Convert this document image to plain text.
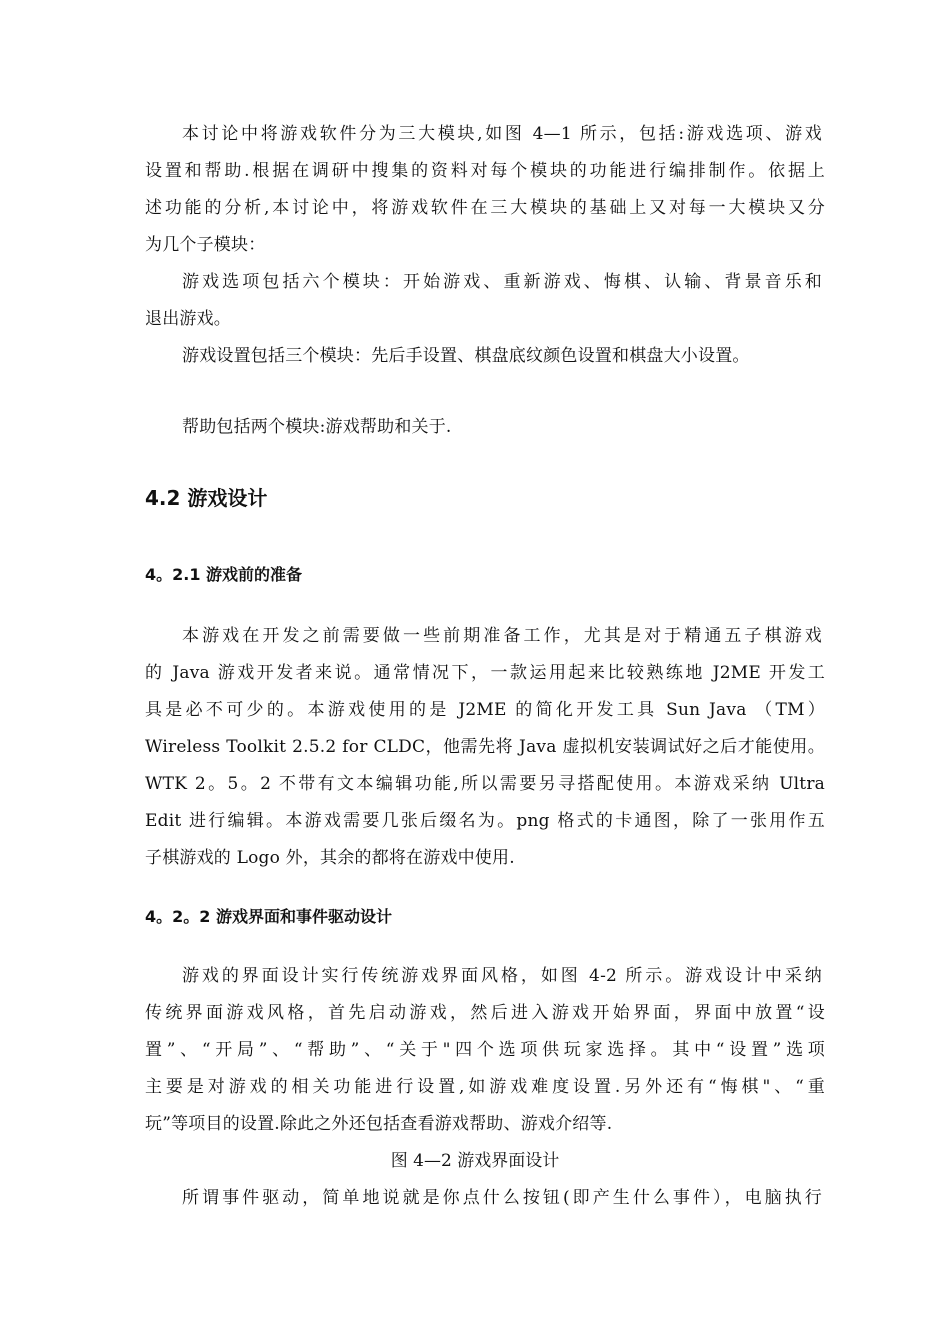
本讨论中将游戏软件分为三大模块,如图 4—1 所示，包括:游戏选项、游戏
设置和帮助.根据在调研中搜集的资料对每个模块的功能进行编排制作。依据上
述功能的分析,本讨论中，将游戏软件在三大模块的基础上又对每一大模块又分
为几个子模块：
游戏选项包括六个模块：开始游戏、重新游戏、悔棋、认输、背景音乐和
退出游戏。
游戏设置包括三个模块：先后手设置、棋盘底纹颜色设置和棋盘大小设置。
帮助包括两个模块:游戏帮助和关于.
4.2 游戏设计
4。2.1 游戏前的准备
本游戏在开发之前需要做一些前期准备工作，尤其是对于精通五子棋游戏
的 Java 游戏开发者来说。通常情况下，一款运用起来比较熟练地 J2ME 开发工
具是必不可少的。本游戏使用的是 J2ME 的简化开发工具 Sun Java （TM）
Wireless Toolkit 2.5.2 for CLDC，他需先将 Java 虚拟机安装调试好之后才能使用。
WTK 2。5。2 不带有文本编辑功能,所以需要另寻搭配使用。本游戏采纳 Ultra
Edit 进行编辑。本游戏需要几张后缀名为。png 格式的卡通图，除了一张用作五
子棋游戏的 Logo 外，其余的都将在游戏中使用.
4。2。2 游戏界面和事件驱动设计
游戏的界面设计实行传统游戏界面风格，如图 4-2 所示。游戏设计中采纳
传统界面游戏风格，首先启动游戏，然后进入游戏开始界面，界面中放置“设
置”、“开局”、“帮助”、“关于"四个选项供玩家选择。其中“设置”选项
主要是对游戏的相关功能进行设置,如游戏难度设置.另外还有“悔棋"、“重
玩”等项目的设置.除此之外还包括查看游戏帮助、游戏介绍等.
图 4—2 游戏界面设计
所谓事件驱动，简单地说就是你点什么按钮(即产生什么事件），电脑执行
